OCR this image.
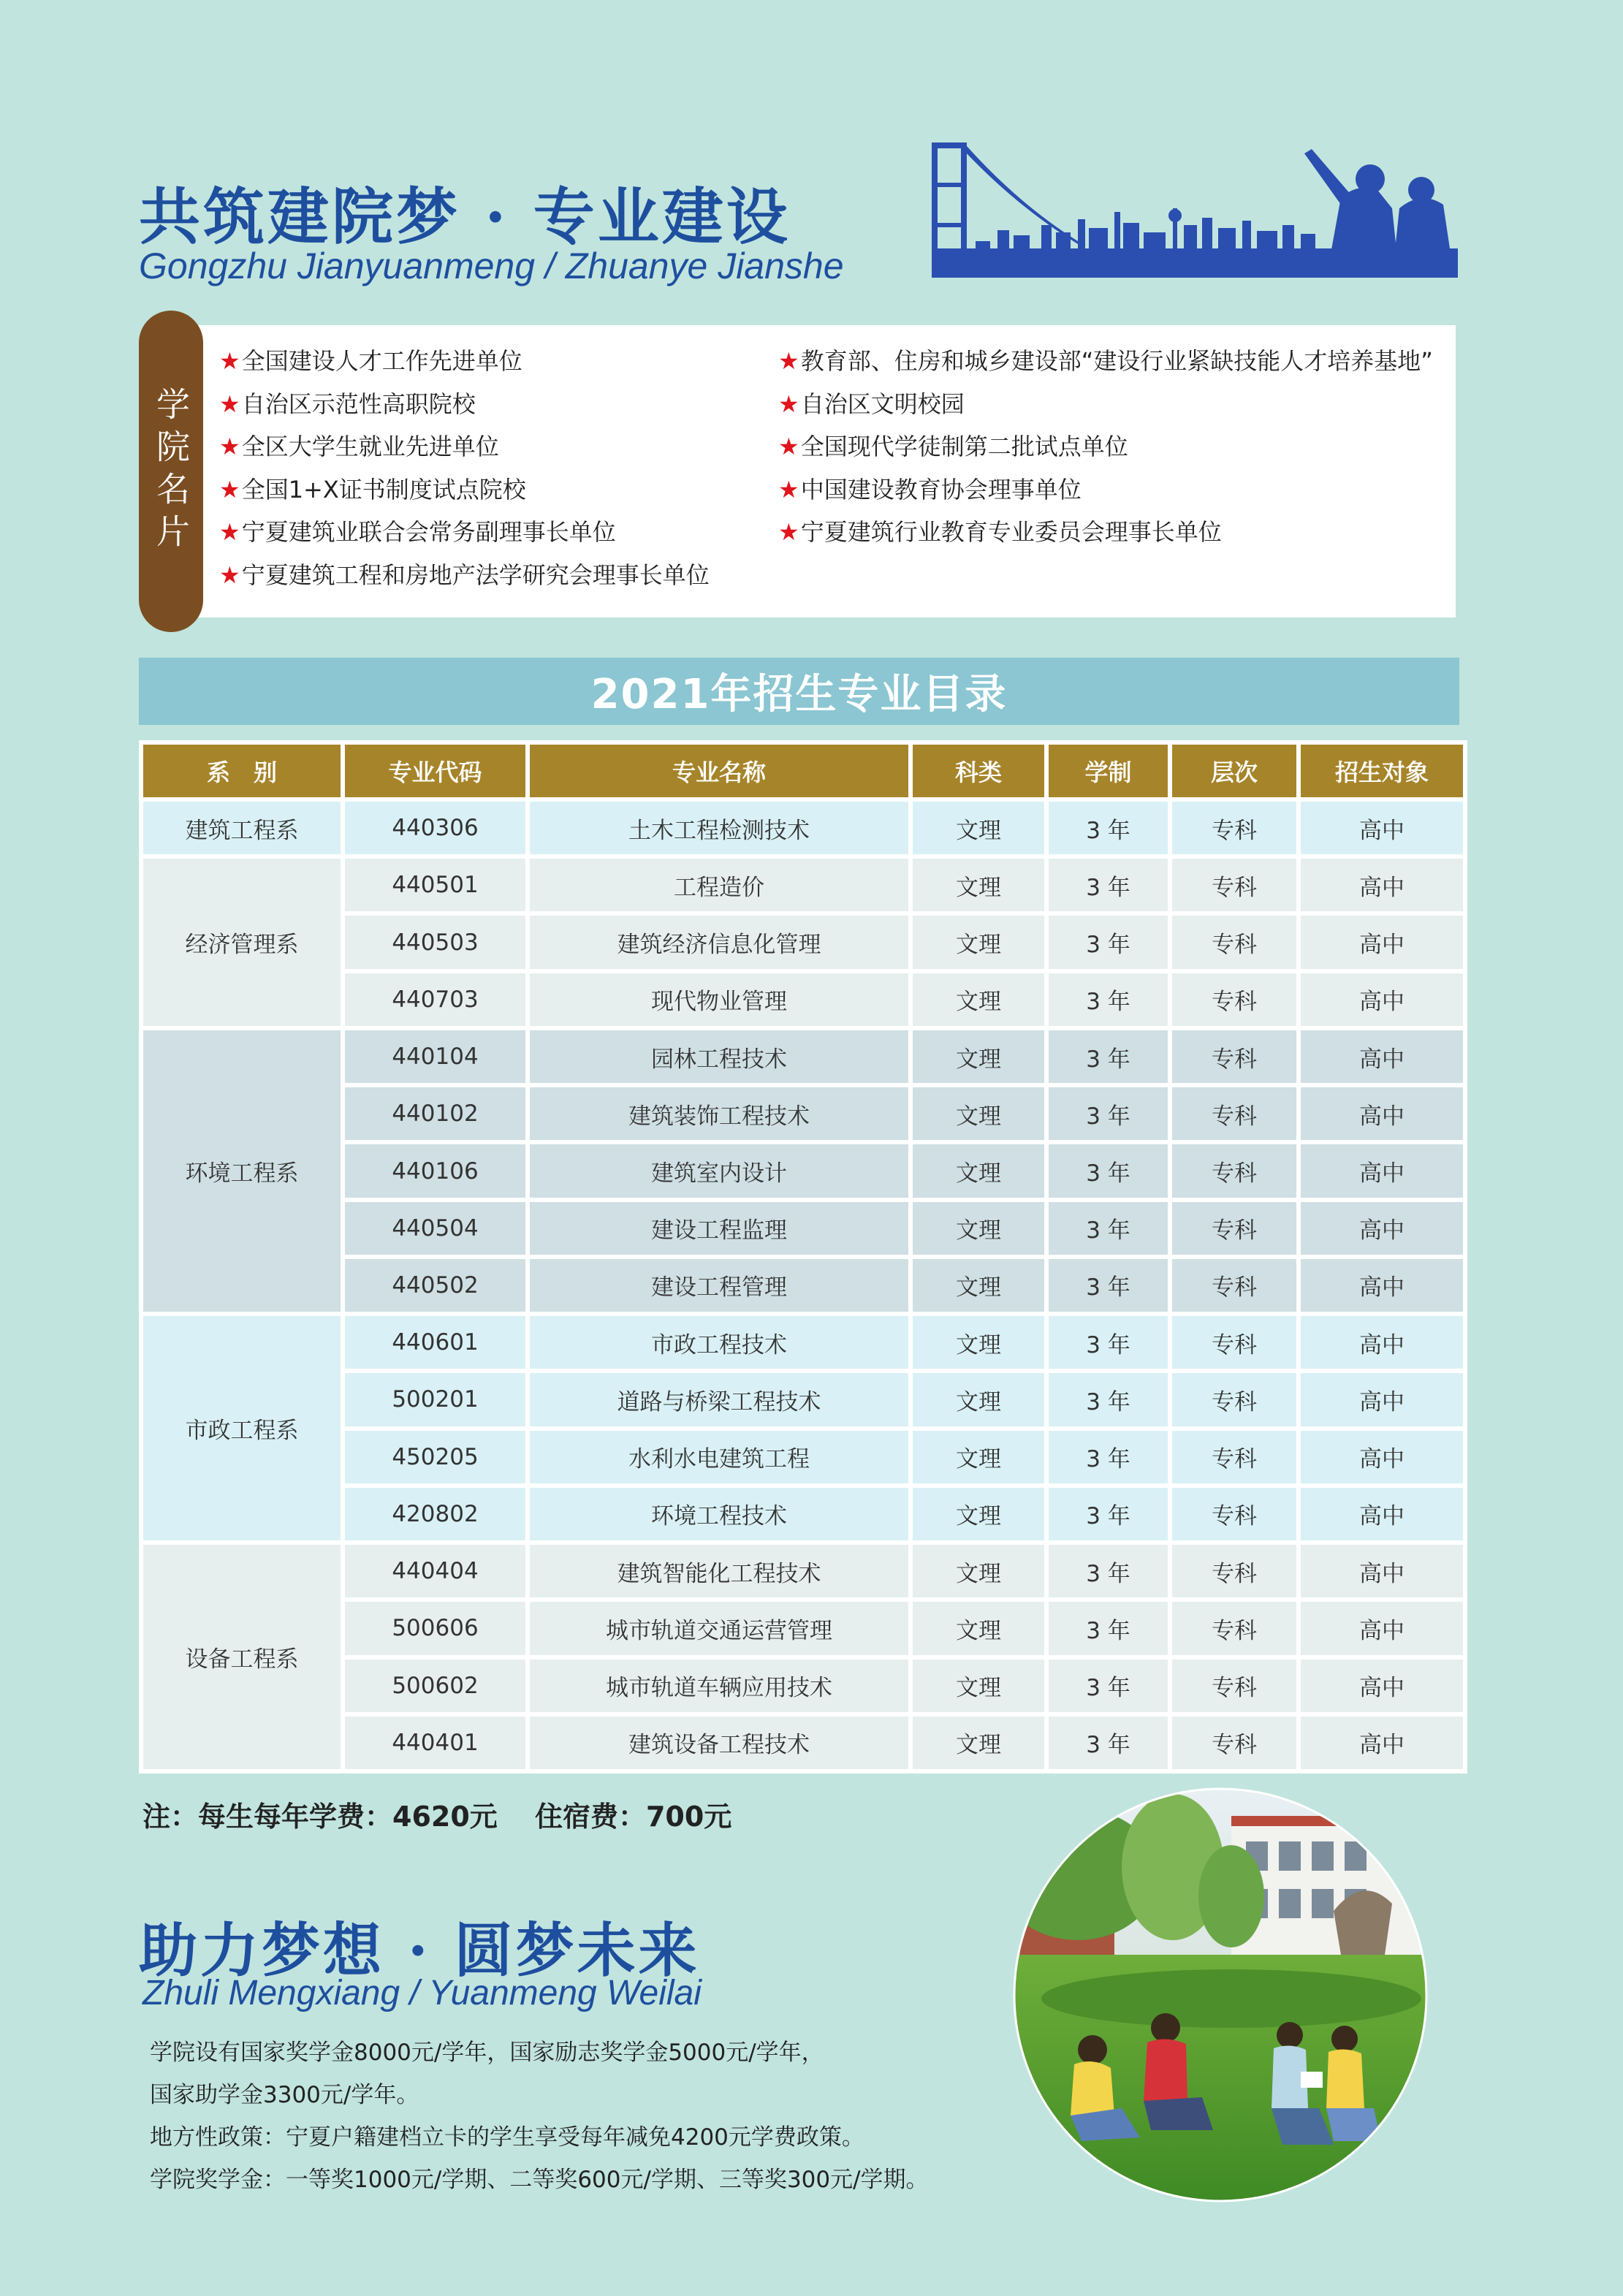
共筑建院梦 · 专业建设
Gongzhu Jianyuanmeng / Zhuanye Jianshe
★全国建设人才工作先进单位
★自治区示范性高职院校
★全区大学生就业先进单位
★全国1+X证书制度试点院校
★宁夏建筑业联合会常务副理事长单位
★宁夏建筑工程和房地产法学研究会理事长单位
★教育部、住房和城乡建设部“建设行业紧缺技能人才培养基地”
★自治区文明校园
★全国现代学徒制第二批试点单位
★中国建设教育协会理事单位
★宁夏建筑行业教育专业委员会理事长单位
学院名片
2021年招生专业目录
系　别	专业代码	专业名称	科类	学制	层次	招生对象
建筑工程系	440306	土木工程检测技术	文理	3 年	专科	高中
经济管理系	440501	工程造价	文理	3 年	专科	高中
	440503	建筑经济信息化管理	文理	3 年	专科	高中
	440703	现代物业管理	文理	3 年	专科	高中
环境工程系	440104	园林工程技术	文理	3 年	专科	高中
	440102	建筑装饰工程技术	文理	3 年	专科	高中
	440106	建筑室内设计	文理	3 年	专科	高中
	440504	建设工程监理	文理	3 年	专科	高中
	440502	建设工程管理	文理	3 年	专科	高中
市政工程系	440601	市政工程技术	文理	3 年	专科	高中
	500201	道路与桥梁工程技术	文理	3 年	专科	高中
	450205	水利水电建筑工程	文理	3 年	专科	高中
	420802	环境工程技术	文理	3 年	专科	高中
设备工程系	440404	建筑智能化工程技术	文理	3 年	专科	高中
	500606	城市轨道交通运营管理	文理	3 年	专科	高中
	500602	城市轨道车辆应用技术	文理	3 年	专科	高中
	440401	建筑设备工程技术	文理	3 年	专科	高中
注：每生每年学费：4620元　 住宿费：700元
助力梦想 · 圆梦未来
Zhuli Mengxiang / Yuanmeng Weilai
学院设有国家奖学金8000元/学年，国家励志奖学金5000元/学年，
国家助学金3300元/学年。
地方性政策：宁夏户籍建档立卡的学生享受每年减免4200元学费政策。
学院奖学金：一等奖1000元/学期、二等奖600元/学期、三等奖300元/学期。
